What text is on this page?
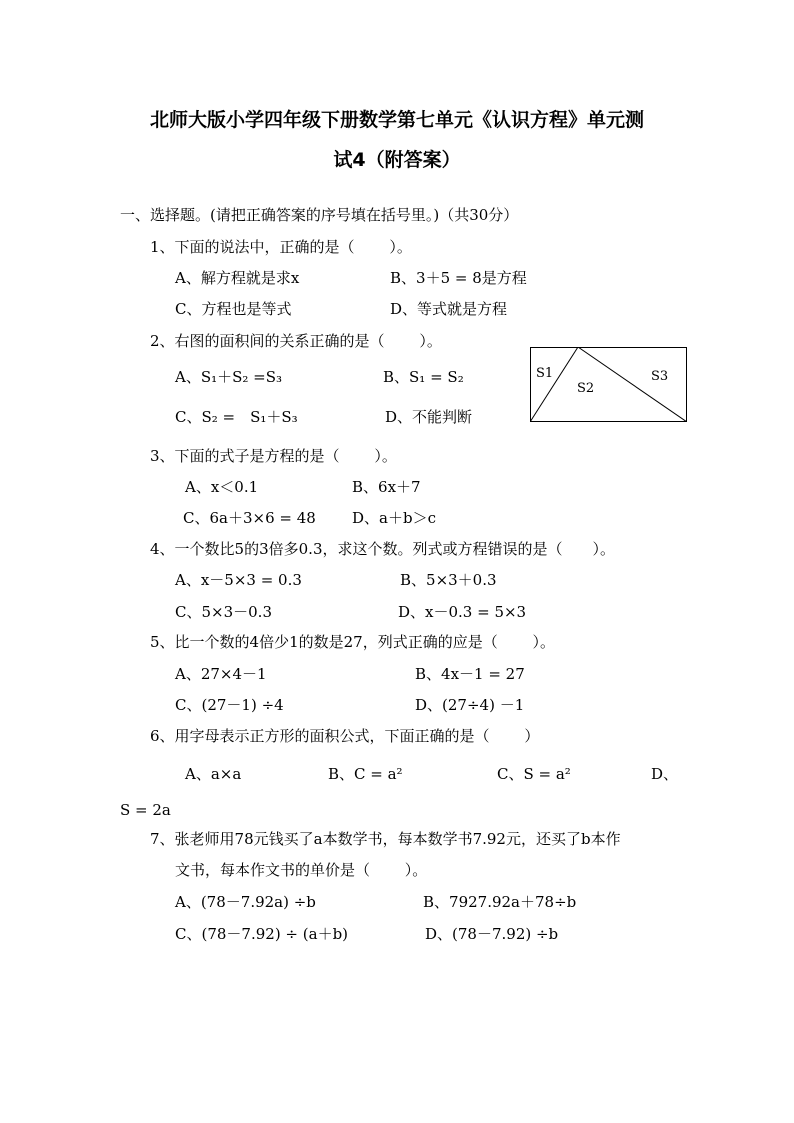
北师大版小学四年级下册数学第七单元《认识方程》单元测
试4（附答案）
一、选择题。(请把正确答案的序号填在括号里。)（共30分）
1、下面的说法中，正确的是（　　 ）。
A、解方程就是求x	B、3＋5 = 8是方程
C、方程也是等式	D、等式就是方程
2、右图的面积间的关系正确的是（　　 ）。
A、S₁＋S₂ =S₃	B、S₁ = S₂
C、S₂ =　S₁＋S₃	D、不能判断
S1
S2
S3
3、下面的式子是方程的是（　　 ）。
A、x＜0.1	B、6x＋7
C、6a＋3×6 = 48 D、a＋b＞c
4、一个数比5的3倍多0.3，求这个数。列式或方程错误的是（　　）。
A、x－5×3 = 0.3	B、5×3＋0.3
C、5×3－0.3	D、x－0.3 = 5×3
5、比一个数的4倍少1的数是27，列式正确的应是（　　 ）。
A、27×4－1	B、4x－1 = 27
C、(27－1) ÷4	D、(27÷4) －1
6、用字母表示正方形的面积公式，下面正确的是（　　 ）
A、a×a	B、C = a²	C、S = a²	D、
S = 2a
7、张老师用78元钱买了a本数学书，每本数学书7.92元，还买了b本作
文书，每本作文书的单价是（　　 ）。
A、(78－7.92a) ÷b	B、7927.92a＋78÷b
C、(78－7.92) ÷ (a＋b)	D、(78－7.92) ÷b
